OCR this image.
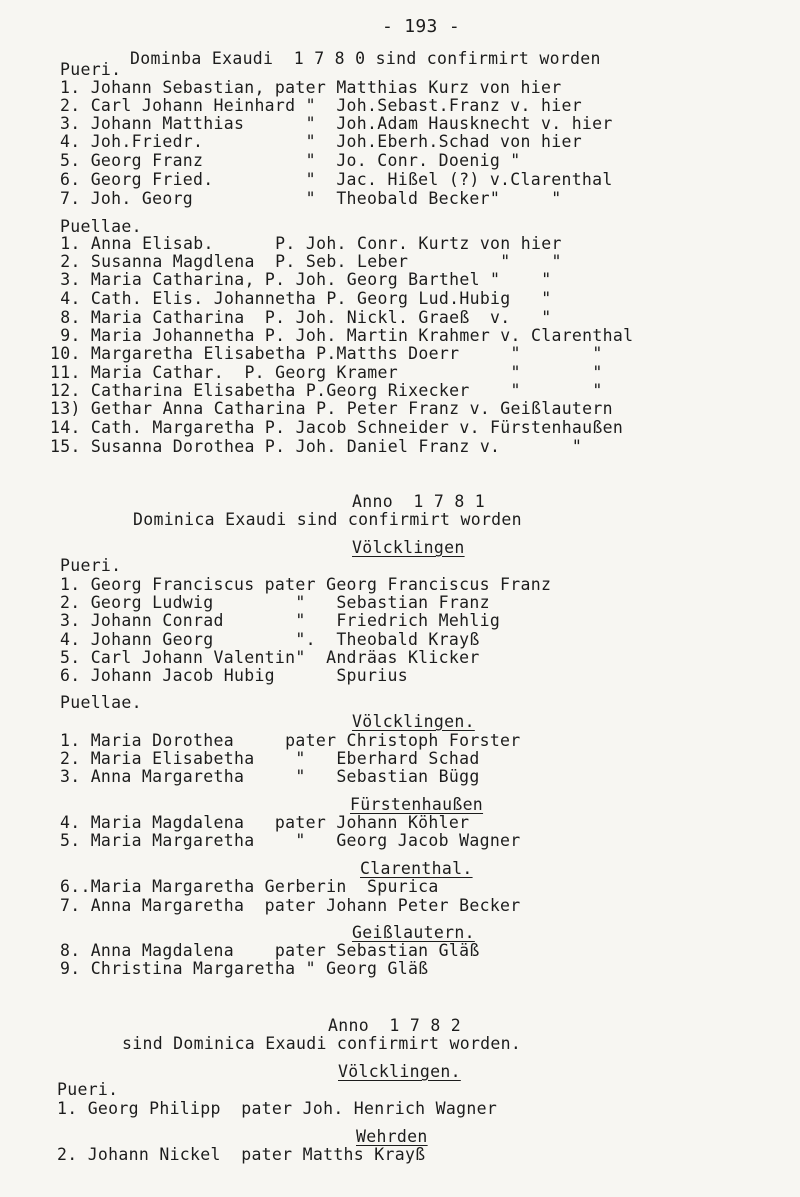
- 193 -
Dominba Exaudi  1 7 8 0 sind confirmirt worden
Pueri.
1. Johann Sebastian, pater Matthias Kurz von hier
2. Carl Johann Heinhard "  Joh.Sebast.Franz v. hier
3. Johann Matthias      "  Joh.Adam Hausknecht v. hier
4. Joh.Friedr.          "  Joh.Eberh.Schad von hier
5. Georg Franz          "  Jo. Conr. Doenig "
6. Georg Fried.         "  Jac. Hißel (?) v.Clarenthal
7. Joh. Georg           "  Theobald Becker"     "
Puellae.
1. Anna Elisab.      P. Joh. Conr. Kurtz von hier
2. Susanna Magdlena  P. Seb. Leber         "    "
3. Maria Catharina, P. Joh. Georg Barthel "    "
4. Cath. Elis. Johannetha P. Georg Lud.Hubig   "
8. Maria Catharina  P. Joh. Nickl. Graeß  v.   "
9. Maria Johannetha P. Joh. Martin Krahmer v. Clarenthal
10. Margaretha Elisabetha P.Matths Doerr     "       "
11. Maria Cathar.  P. Georg Kramer           "       "
12. Catharina Elisabetha P.Georg Rixecker    "       "
13) Gethar Anna Catharina P. Peter Franz v. Geißlautern
14. Cath. Margaretha P. Jacob Schneider v. Fürstenhaußen
15. Susanna Dorothea P. Joh. Daniel Franz v.       "
Anno  1 7 8 1
Dominica Exaudi sind confirmirt worden
Völcklingen
Pueri.
1. Georg Franciscus pater Georg Franciscus Franz
2. Georg Ludwig        "   Sebastian Franz
3. Johann Conrad       "   Friedrich Mehlig
4. Johann Georg        ".  Theobald Krayß
5. Carl Johann Valentin"  Andräas Klicker
6. Johann Jacob Hubig      Spurius
Puellae.
Völcklingen.
1. Maria Dorothea     pater Christoph Forster
2. Maria Elisabetha    "   Eberhard Schad
3. Anna Margaretha     "   Sebastian Bügg
Fürstenhaußen
4. Maria Magdalena   pater Johann Köhler
5. Maria Margaretha    "   Georg Jacob Wagner
Clarenthal.
6..Maria Margaretha Gerberin  Spurica
7. Anna Margaretha  pater Johann Peter Becker
Geißlautern.
8. Anna Magdalena    pater Sebastian Gläß
9. Christina Margaretha " Georg Gläß
Anno  1 7 8 2
sind Dominica Exaudi confirmirt worden.
Völcklingen.
Pueri.
1. Georg Philipp  pater Joh. Henrich Wagner
Wehrden
2. Johann Nickel  pater Matths Krayß
